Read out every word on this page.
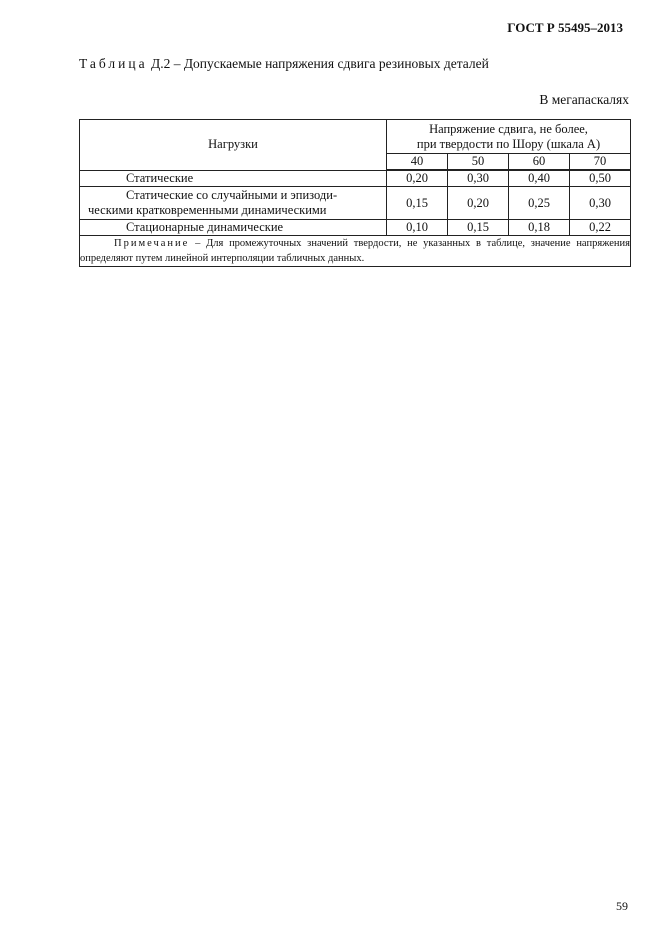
ГОСТ Р 55495–2013
Таблица Д.2 – Допускаемые напряжения сдвига резиновых деталей
В мегапаскалях
Нагрузки	Напряжение сдвига, не более,
при твердости по Шору (шкала А)			
	40	50	60	70
Статические	0,20	0,30	0,40	0,50

Статические со случайными и эпизоди-
ческими кратковременными динамическими	0,15	0,20	0,25	0,30
Стационарные динамические	0,10	0,15	0,18	0,22
Примечание – Для промежуточных значений твердости, не указанных в таблице, значение напряжения определяют путем линейной интерполяции табличных данных.				
59
